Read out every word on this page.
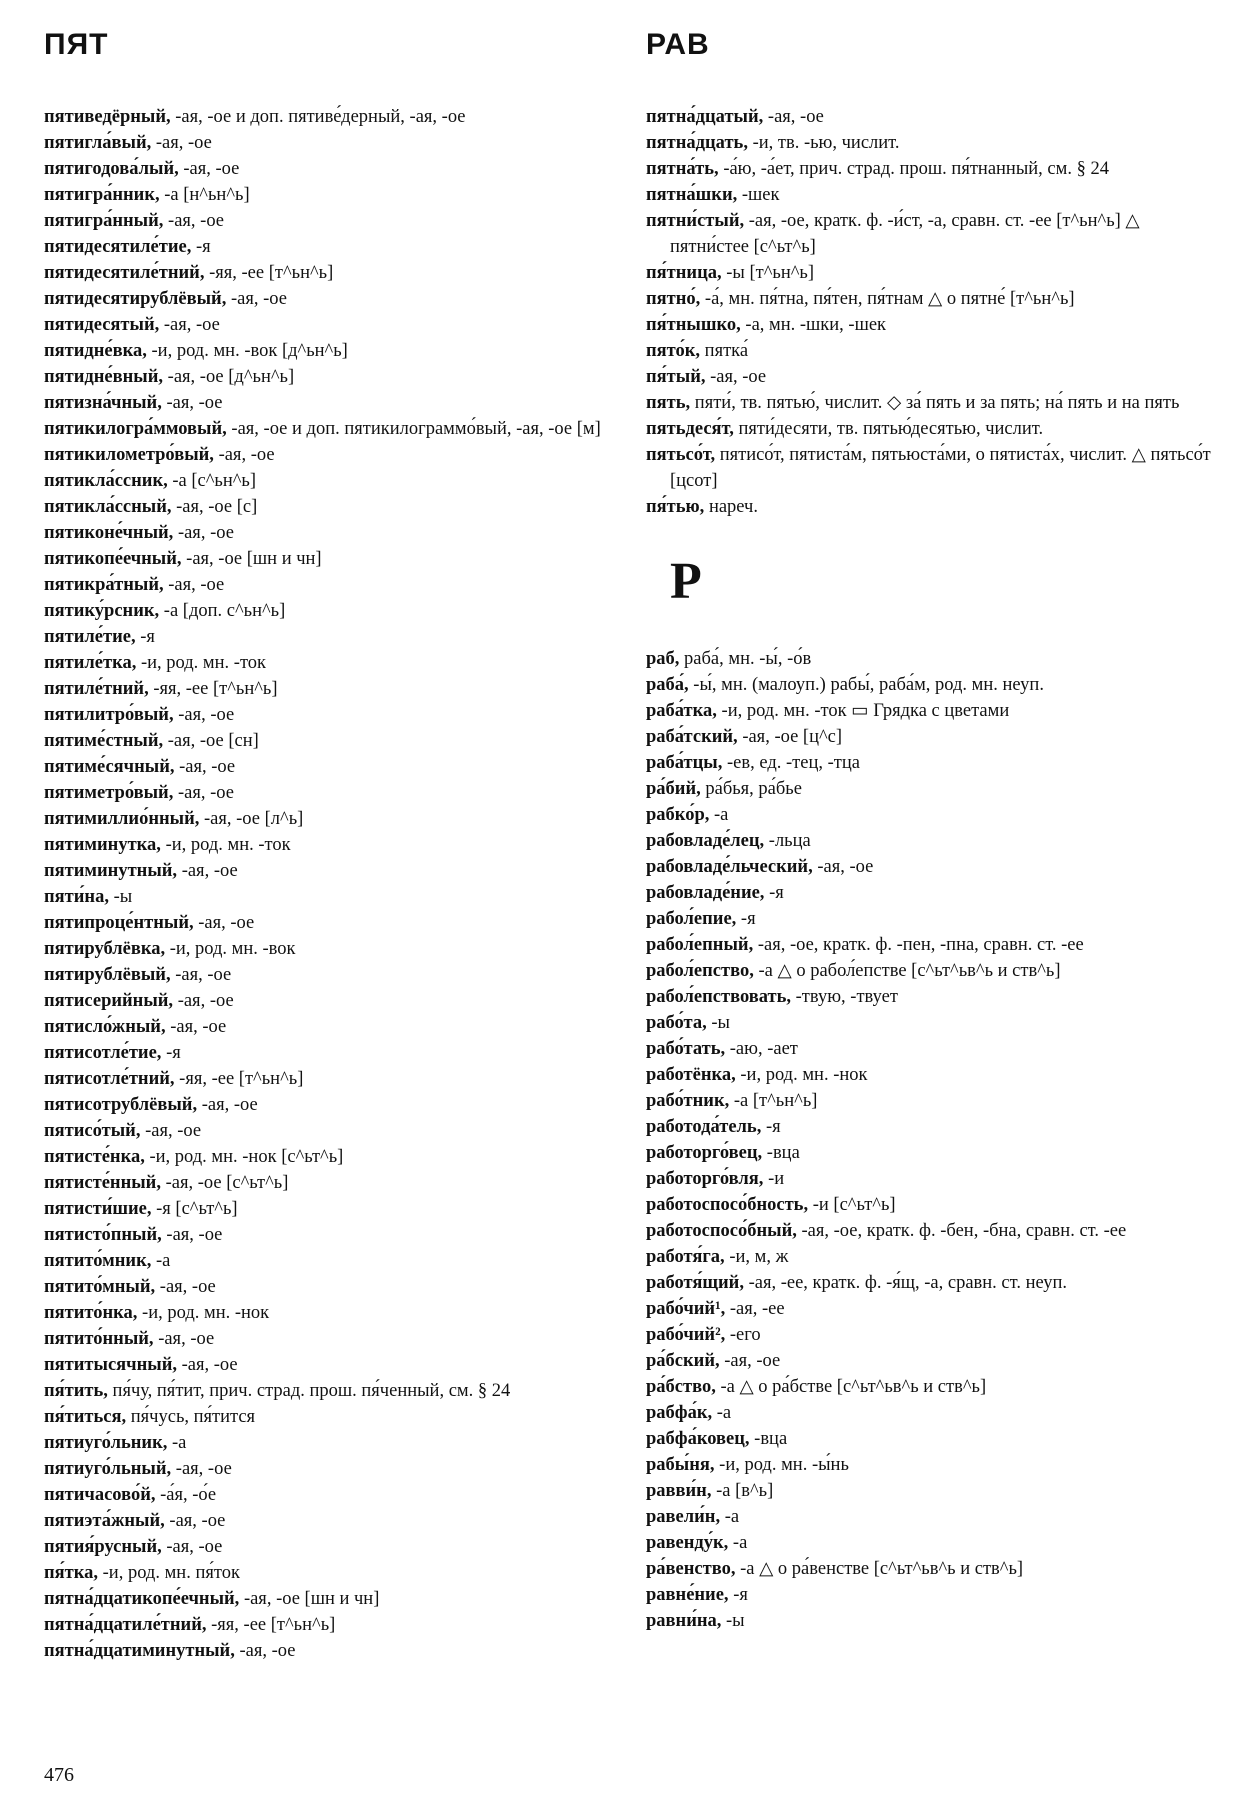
ПЯТ	РАВ
пятиведёрный, -ая, -ое и доп. пятиве́дерный, -ая, -ое
пятигла́вый, -ая, -ое
пятигодова́лый, -ая, -ое
пятигра́нник, -а [н^ьн^ь]
пятигра́нный, -ая, -ое
пятидесятиле́тие, -я
пятидесятиле́тний, -яя, -ее [т^ьн^ь]
пятидесятирублёвый, -ая, -ое
пятидесятый, -ая, -ое
пятидне́вка, -и, род. мн. -вок [д^ьн^ь]
пятидне́вный, -ая, -ое [д^ьн^ь]
пятизна́чный, -ая, -ое
пятикилогра́ммовый, -ая, -ое и доп. пятикилограммо́вый, -ая, -ое [м]
пятикилометро́вый, -ая, -ое
пятикла́ссник, -а [с^ьн^ь]
пятикла́ссный, -ая, -ое [с]
пятиконе́чный, -ая, -ое
пятикопе́ечный, -ая, -ое [шн и чн]
пятикра́тный, -ая, -ое
пятику́рсник, -а [доп. с^ьн^ь]
пятиле́тие, -я
пятиле́тка, -и, род. мн. -ток
пятиле́тний, -яя, -ее [т^ьн^ь]
пятилитро́вый, -ая, -ое
пятиме́стный, -ая, -ое [сн]
пятиме́сячный, -ая, -ое
пятиметро́вый, -ая, -ое
пятимиллио́нный, -ая, -ое [л^ь]
пятиминутка, -и, род. мн. -ток
пятиминутный, -ая, -ое
пяти́на, -ы
пятипроце́нтный, -ая, -ое
пятирублёвка, -и, род. мн. -вок
пятирублёвый, -ая, -ое
пятисерийный, -ая, -ое
пятисло́жный, -ая, -ое
пятисотле́тие, -я
пятисотле́тний, -яя, -ее [т^ьн^ь]
пятисотрублёвый, -ая, -ое
пятисо́тый, -ая, -ое
пятисте́нка, -и, род. мн. -нок [с^ьт^ь]
пятисте́нный, -ая, -ое [с^ьт^ь]
пятисти́шие, -я [с^ьт^ь]
пятисто́пный, -ая, -ое
пятито́мник, -а
пятито́мный, -ая, -ое
пятито́нка, -и, род. мн. -нок
пятито́нный, -ая, -ое
пятитысячный, -ая, -ое
пя́тить, пя́чу, пя́тит, прич. страд. прош. пя́ченный, см. § 24
пя́титься, пя́чусь, пя́тится
пятиуго́льник, -а
пятиуго́льный, -ая, -ое
пятичасово́й, -а́я, -о́е
пятиэта́жный, -ая, -ое
пятия́русный, -ая, -ое
пя́тка, -и, род. мн. пя́ток
пятна́дцатикопе́ечный, -ая, -ое [шн и чн]
пятна́дцатиле́тний, -яя, -ее [т^ьн^ь]
пятна́дцатиминутный, -ая, -ое
пятна́дцатый, -ая, -ое
пятна́дцать, -и, тв. -ью, числит.
пятна́ть, -а́ю, -а́ет, прич. страд. прош. пя́тнанный, см. § 24
пятна́шки, -шек
пятни́стый, -ая, -ое, кратк. ф. -и́ст, -а, сравн. ст. -ее [т^ьн^ь] △ пятни́стее [с^ьт^ь]
пя́тница, -ы [т^ьн^ь]
пятно́, -а́, мн. пя́тна, пя́тен, пя́тнам △ о пятне́ [т^ьн^ь]
пя́тнышко, -а, мн. -шки, -шек
пято́к, пятка́
пя́тый, -ая, -ое
пять, пяти́, тв. пятью́, числит. ◇ за́ пять и за пять; на́ пять и на пять
пятьдеся́т, пяти́десяти, тв. пятью́десятью, числит.
пятьсо́т, пятисо́т, пятиста́м, пятьюста́ми, о пятиста́х, числит. △ пятьсо́т [цсот]
пя́тью, нареч.
Р
раб, раба́, мн. -ы́, -о́в
раба́, -ы́, мн. (малоуп.) рабы́, раба́м, род. мн. неуп.
раба́тка, -и, род. мн. -ток ▭ Грядка с цветами
раба́тский, -ая, -ое [ц^с]
раба́тцы, -ев, ед. -тец, -тца
ра́бий, ра́бья, ра́бье
рабко́р, -а
рабовладе́лец, -льца
рабовладе́льческий, -ая, -ое
рабовладе́ние, -я
рабол́епие, -я
рабол́епный, -ая, -ое, кратк. ф. -пен, -пна, сравн. ст. -ее
рабол́епство, -а △ о рабол́епстве [с^ьт^ьв^ь и ств^ь]
рабол́епствовать, -твую, -твует
рабо́та, -ы
рабо́тать, -аю, -ает
работёнка, -и, род. мн. -нок
рабо́тник, -а [т^ьн^ь]
работода́тель, -я
работорго́вец, -вца
работорго́вля, -и
работоспосо́бность, -и [с^ьт^ь]
работоспосо́бный, -ая, -ое, кратк. ф. -бен, -бна, сравн. ст. -ее
работя́га, -и, м, ж
работя́щий, -ая, -ее, кратк. ф. -я́щ, -а, сравн. ст. неуп.
рабо́чий¹, -ая, -ее
рабо́чий², -его
ра́бский, -ая, -ое
ра́бство, -а △ о ра́бстве [с^ьт^ьв^ь и ств^ь]
рабфа́к, -а
рабфа́ковец, -вца
рабы́ня, -и, род. мн. -ы́нь
равви́н, -а [в^ь]
равели́н, -а
равенду́к, -а
ра́венство, -а △ о ра́венстве [с^ьт^ьв^ь и ств^ь]
равне́ние, -я
равни́на, -ы
476
